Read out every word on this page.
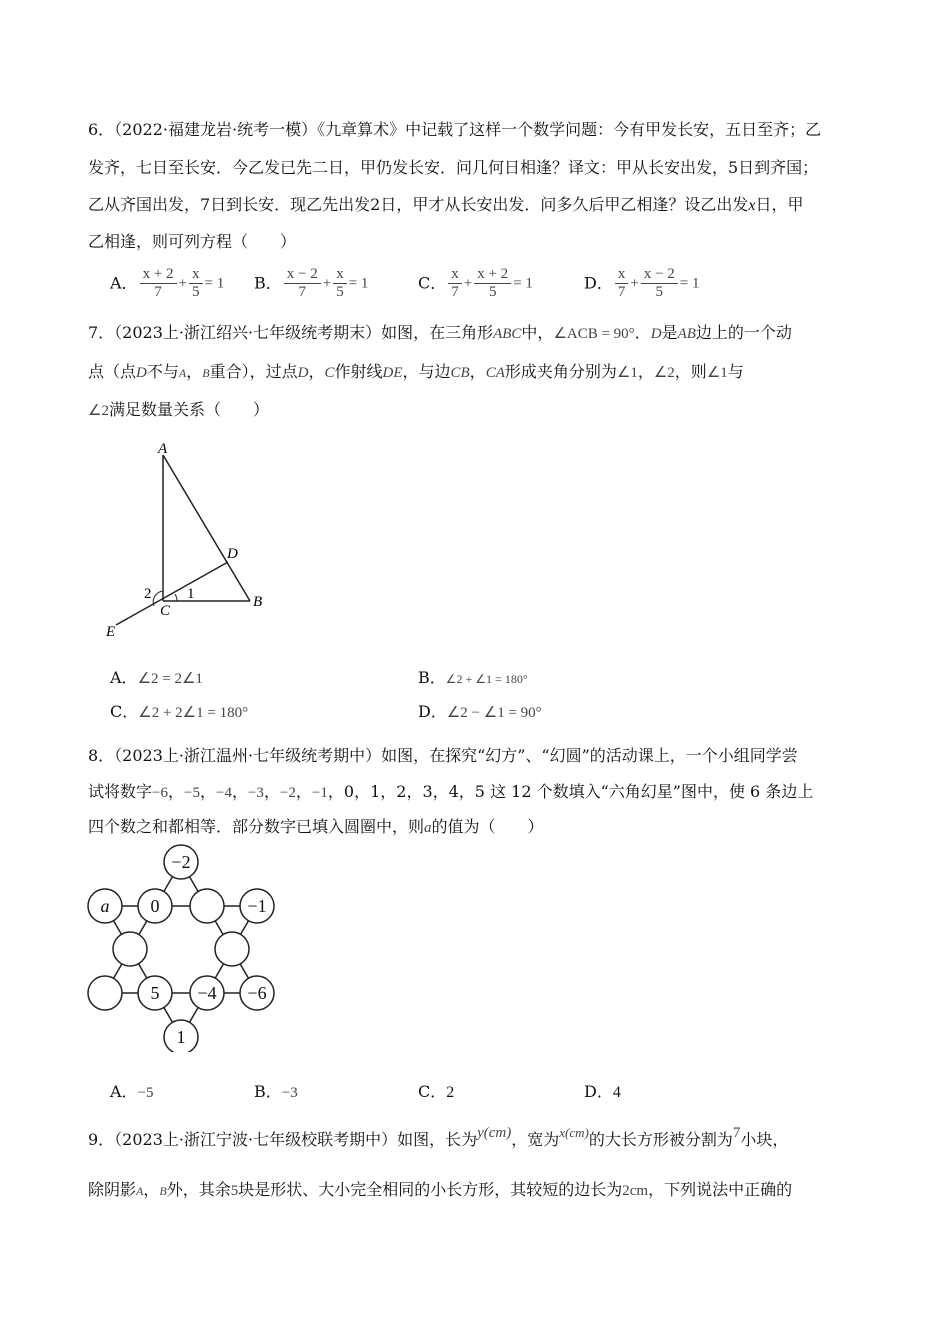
6．（2022·福建龙岩·统考一模）《九章算术》中记载了这样一个数学问题：今有甲发长安，五日至齐；乙
发齐，七日至长安．今乙发已先二日，甲仍发长安．问几何日相逢？译文：甲从长安出发，5日到齐国；
乙从齐国出发，7日到长安．现乙先出发2日，甲才从长安出发．问多久后甲乙相逢？设乙出发x日，甲
乙相逢，则可列方程（　　）
A． $\frac{x + 2}{7} + \frac{x}{5} = 1$ B． $\frac{x - 2}{7} + \frac{x}{5} = 1$	C． $\frac{x}{7} + \frac{x + 2}{5} = 1$	D． $\frac{x}{7} + \frac{x - 2}{5} = 1$
7．（2023上·浙江绍兴·七年级统考期末）如图，在三角形ABC中，∠ACB = 90°．D是AB边上的一个动
点（点D不与A，B重合），过点D，C作射线DE，与边CB，CA形成夹角分别为∠1，∠2，则∠1与
∠2满足数量关系（　　）
A
D
C
B
E
1
2
A．∠2 = 2∠1	B．∠2 + ∠1 = 180°
C．∠2 + 2∠1 = 180°	D．∠2 − ∠1 = 90°
8．（2023上·浙江温州·七年级统考期中）如图，在探究“幻方”、“幻圆”的活动课上，一个小组同学尝
试将数字−6，−5，−4，−3，−2，−1，0，1，2，3，4，5 这 12 个数填入“六角幻星”图中，使 6 条边上
四个数之和都相等．部分数字已填入圆圈中，则a的值为（　　）
−2
a 0	−1
5 −4 −6
1
A．−5	B．−3	C．2	D．4
9．（2023上·浙江宁波·七年级校联考期中）如图，长为y(cm)，宽为$^{x(cm)}$的大长方形被分割为7小块，
除阴影A，B外，其余5块是形状、大小完全相同的小长方形，其较短的边长为2cm，下列说法中正确的
